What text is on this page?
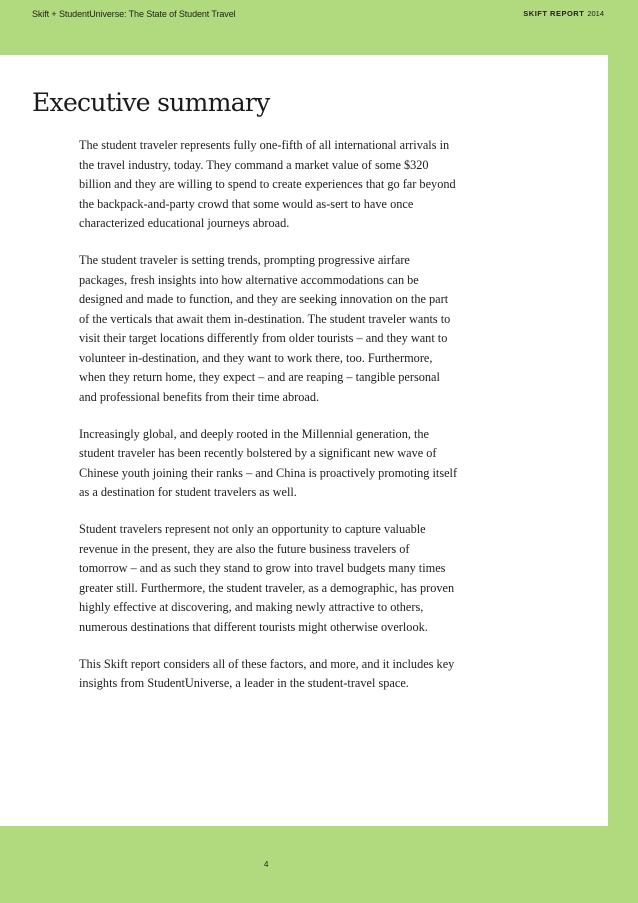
Skift + StudentUniverse: The State of Student Travel	SKIFT REPORT 2014
Executive summary

The student traveler represents fully one-fifth of all international arrivals in the travel industry, today. They command a market value of some $320 billion and they are willing to spend to create experiences that go far beyond the backpack-and-party crowd that some would as-sert to have once characterized educational journeys abroad.

The student traveler is setting trends, prompting progressive airfare packages, fresh insights into how alternative accommodations can be designed and made to function, and they are seeking innovation on the part of the verticals that await them in-destination. The student traveler wants to visit their target locations differently from older tourists – and they want to volunteer in-destination, and they want to work there, too. Furthermore, when they return home, they expect – and are reaping – tangible personal and professional benefits from their time abroad.

Increasingly global, and deeply rooted in the Millennial generation, the student traveler has been recently bolstered by a significant new wave of Chinese youth joining their ranks – and China is proactively promoting itself as a destination for student travelers as well.

Student travelers represent not only an opportunity to capture valuable revenue in the present, they are also the future business travelers of tomorrow – and as such they stand to grow into travel budgets many times greater still. Furthermore, the student traveler, as a demographic, has proven highly effective at discovering, and making newly attractive to others, numerous destinations that different tourists might otherwise overlook.

This Skift report considers all of these factors, and more, and it includes key insights from StudentUniverse, a leader in the student-travel space.

4
